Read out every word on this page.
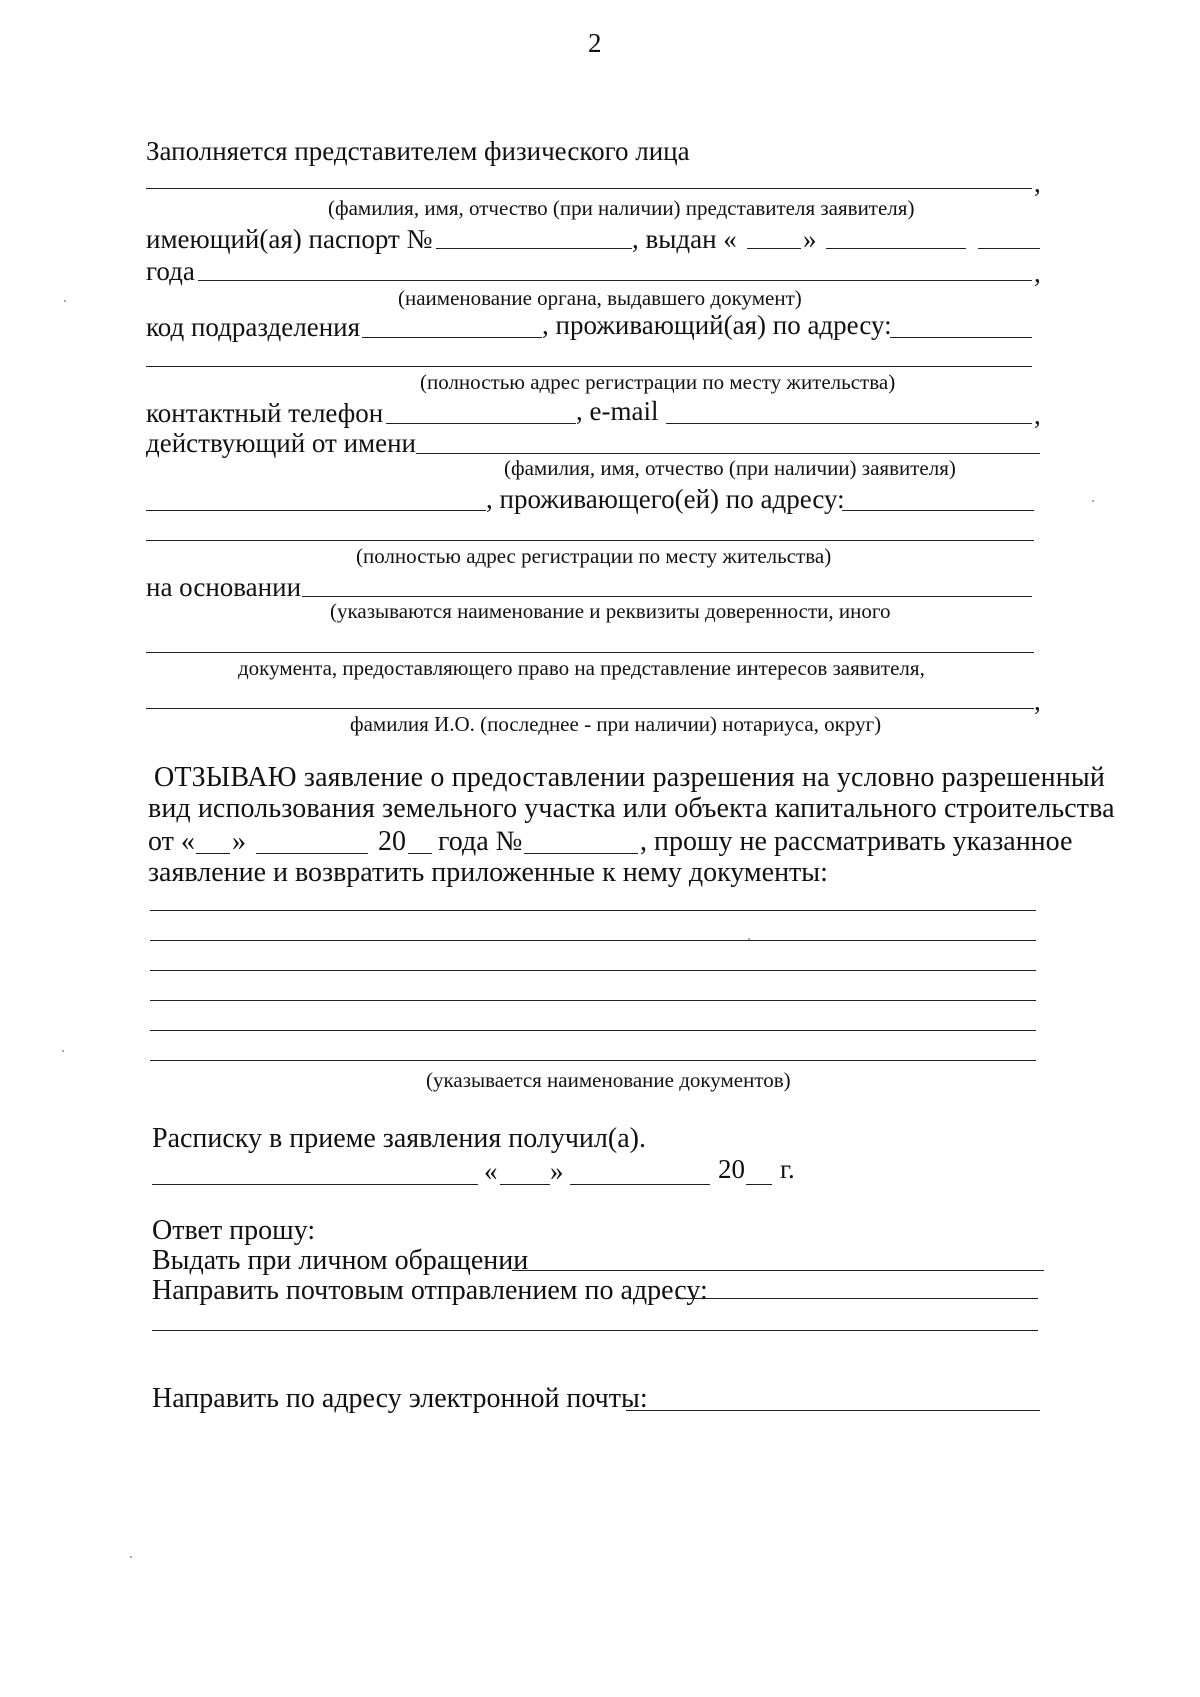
2
Заполняется представителем физического лица
,
(фамилия, имя, отчество (при наличии) представителя заявителя)
имеющий(ая) паспорт №	, выдан « »
года	,
(наименование органа, выдавшего документ)
код подразделения	, проживающий(ая) по адресу:
(полностью адрес регистрации по месту жительства)
контактный телефон	, e-mail	,
действующий от имени
(фамилия, имя, отчество (при наличии) заявителя)
, проживающего(ей) по адресу:
(полностью адрес регистрации по месту жительства)
на основании
(указываются наименование и реквизиты доверенности, иного
документа, предоставляющего право на представление интересов заявителя,
,
фамилия И.О. (последнее - при наличии) нотариуса, округ)
ОТЗЫВАЮ заявление о предоставлении разрешения на условно разрешенный
вид использования земельного участка или объекта капитального строительства
от « »	20 года №	, прошу не рассматривать указанное
заявление и возвратить приложенные к нему документы:
(указывается наименование документов)
Расписку в приеме заявления получил(а).
« »	20 г.
Ответ прошу:
Выдать при личном обращении
Направить почтовым отправлением по адресу:
Направить по адресу электронной почты:
